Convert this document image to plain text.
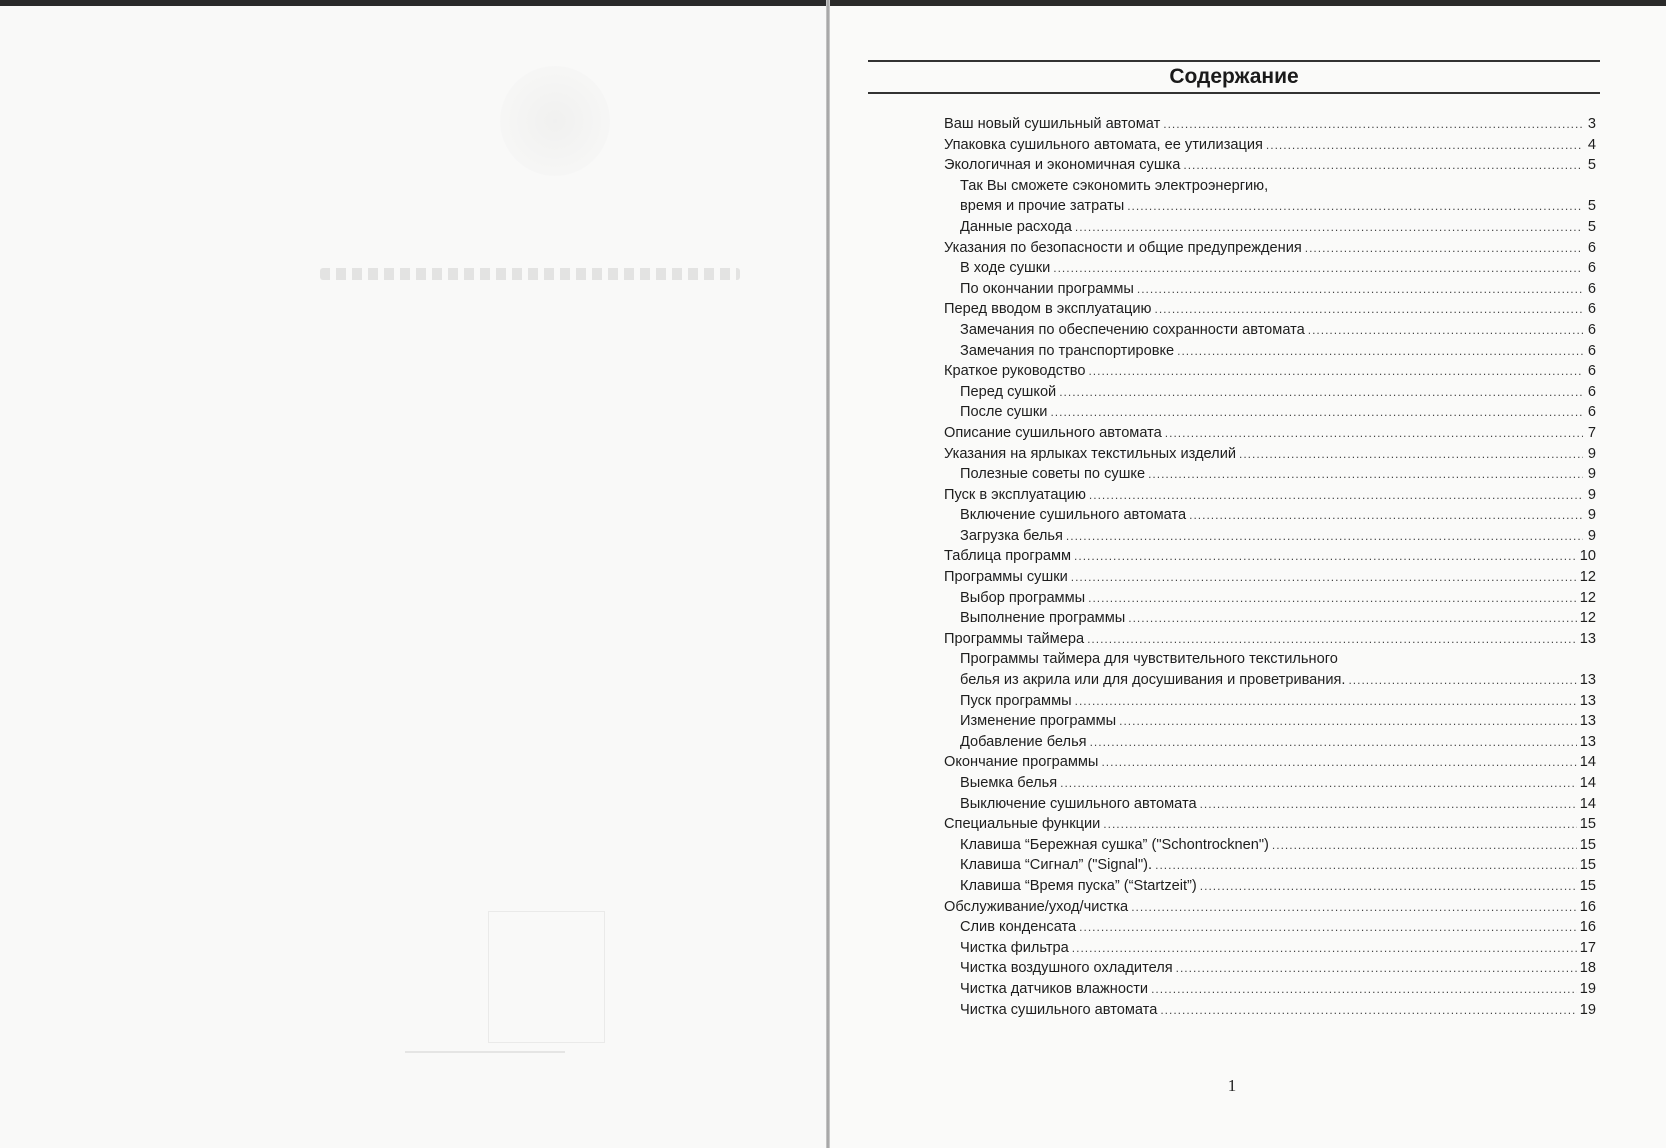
Содержание
Ваш новый сушильный автомат .....	3
Упаковка сушильного автомата, ее утилизация .....	4
Экологичная и экономичная сушка .....	5
Так Вы сможете сэкономить электроэнергию,
время и прочие затраты .....	5
Данные расхода .....	5
Указания по безопасности и общие предупреждения .....	6
В ходе сушки .....	6
По окончании программы .....	6
Перед вводом в эксплуатацию .....	6
Замечания по обеспечению сохранности автомата .....	6
Замечания по транспортировке .....	6
Краткое руководство .....	6
Перед сушкой .....	6
После сушки .....	6
Описание сушильного автомата .....	7
Указания на ярлыках текстильных изделий .....	9
Полезные советы по сушке .....	9
Пуск в эксплуатацию .....	9
Включение сушильного автомата .....	9
Загрузка белья .....	9
Таблица программ .....	10
Программы сушки .....	12
Выбор программы .....	12
Выполнение программы .....	12
Программы таймера .....	13
Программы таймера для чувствительного текстильного
белья из акрила или для досушивания и проветривания. .....	13
Пуск программы .....	13
Изменение программы .....	13
Добавление белья .....	13
Окончание программы .....	14
Выемка белья .....	14
Выключение сушильного автомата .....	14
Специальные функции .....	15
Клавиша “Бережная сушка” ("Schontrocknen") .....	15
Клавиша “Сигнал” ("Signal"). .....	15
Клавиша “Время пуска” (“Startzeit”) .....	15
Обслуживание/уход/чистка .....	16
Слив конденсата .....	16
Чистка фильтра .....	17
Чистка воздушного охладителя .....	18
Чистка датчиков влажности .....	19
Чистка сушильного автомата .....	19
1
